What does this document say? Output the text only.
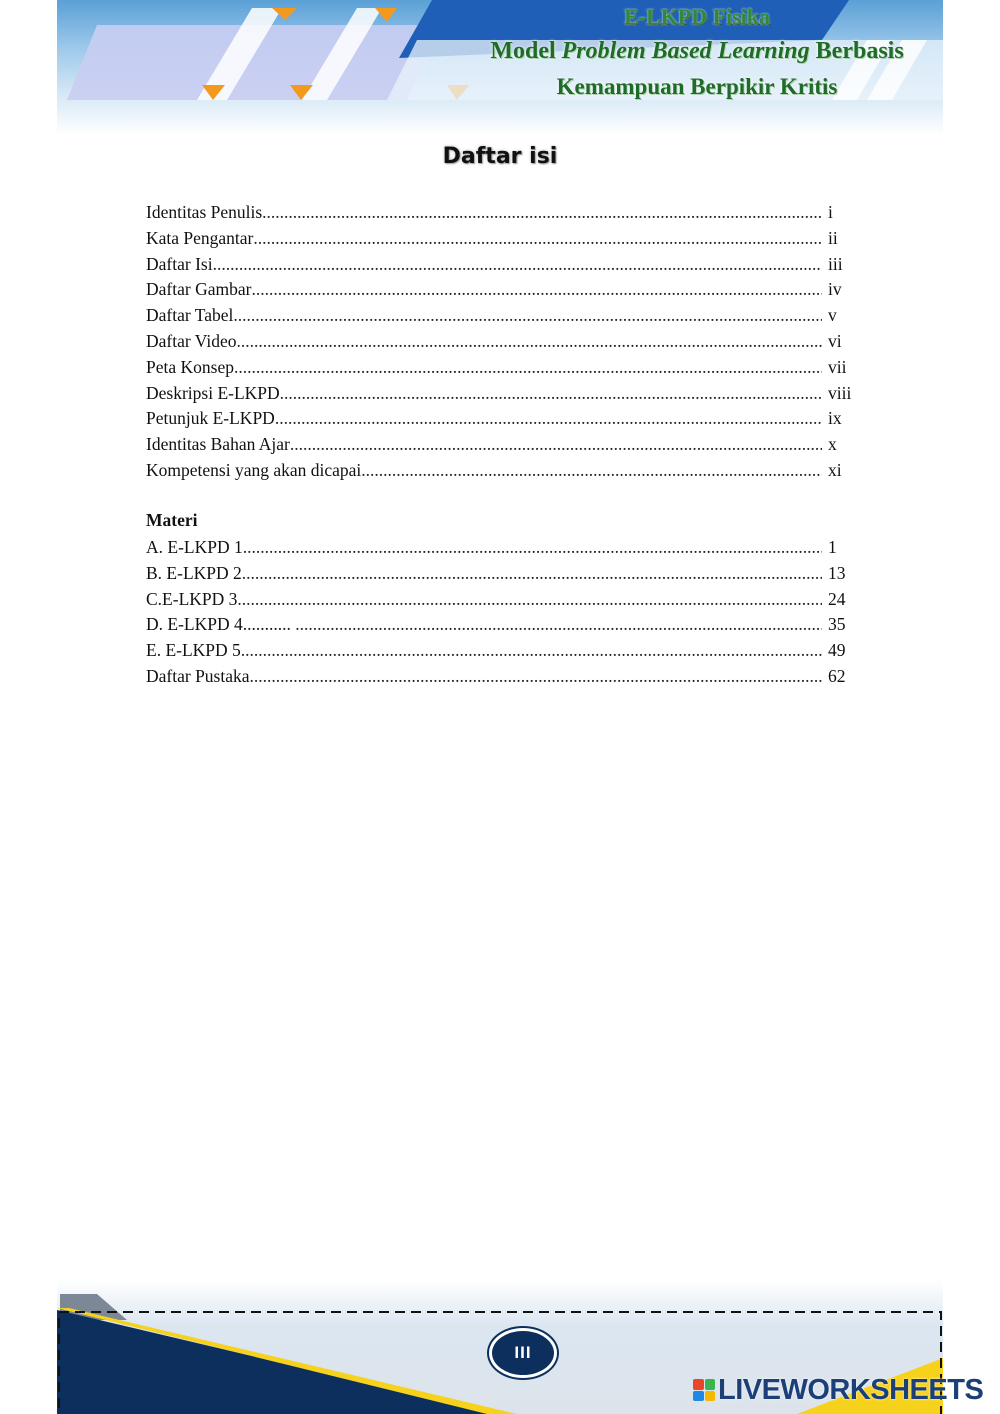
E-LKPD Fisika
Model Problem Based Learning Berbasis
Kemampuan Berpikir Kritis
Daftar isi
Identitas Penulis .....	i
Kata Pengantar .....	ii
Daftar Isi .....	iii
Daftar Gambar .....	iv
Daftar Tabel .....	v
Daftar Video .....	vi
Peta Konsep .....	vii
Deskripsi E-LKPD .....	viii
Petunjuk E-LKPD .....	ix
Identitas Bahan Ajar .....	x
Kompetensi yang akan dicapai .....	xi
Materi
A. E-LKPD 1 .....	1
B. E-LKPD 2 .....	13
C.E-LKPD 3 .....	24
D. E-LKPD 4........... .....	35
E. E-LKPD 5 .....	49
Daftar Pustaka .....	62
III
LIVEWORKSHEETS
